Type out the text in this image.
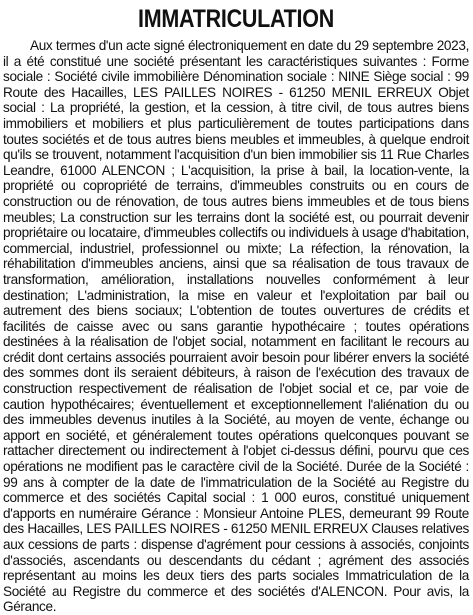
IMMATRICULATION

Aux termes d'un acte signé électroniquement en date du 29 septembre 2023, il a été constitué une société présentant les caractéristiques suivantes : Forme sociale : Société civile immobilière Dénomination sociale : NINE Siège social : 99 Route des Hacailles, LES PAILLES NOIRES - 61250 MENIL ERREUX Objet social : La propriété, la gestion, et la cession, à titre civil, de tous autres biens immobiliers et mobiliers et plus particulièrement de toutes participations dans toutes sociétés et de tous autres biens meubles et immeubles, à quelque endroit qu'ils se trouvent, notamment l'acquisition d'un bien immobilier sis 11 Rue Charles Leandre, 61000 ALENCON ; L'acquisition, la prise à bail, la location-vente, la propriété ou copropriété de terrains, d'immeubles construits ou en cours de construction ou de rénovation, de tous autres biens immeubles et de tous biens meubles; La construction sur les terrains dont la société est, ou pourrait devenir propriétaire ou locataire, d'immeubles collectifs ou individuels à usage d'habitation, commercial, industriel, professionnel ou mixte; La réfection, la rénovation, la réhabilitation d'immeubles anciens, ainsi que sa réalisation de tous travaux de transformation, amélioration, installations nouvelles conformément à leur destination; L'administration, la mise en valeur et l'exploitation par bail ou autrement des biens sociaux; L'obtention de toutes ouvertures de crédits et facilités de caisse avec ou sans garantie hypothécaire ; toutes opérations destinées à la réalisation de l'objet social, notamment en facilitant le recours au crédit dont certains associés pourraient avoir besoin pour libérer envers la société des sommes dont ils seraient débiteurs, à raison de l'exécution des travaux de construction respectivement de réalisation de l'objet social et ce, par voie de caution hypothécaires; éventuellement et exceptionnellement l'aliénation du ou des immeubles devenus inutiles à la Société, au moyen de vente, échange ou apport en société, et généralement toutes opérations quelconques pouvant se rattacher directement ou indirectement à l'objet ci-dessus défini, pourvu que ces opérations ne modifient pas le caractère civil de la Société. Durée de la Société : 99 ans à compter de la date de l'immatriculation de la Société au Registre du commerce et des sociétés Capital social : 1 000 euros, constitué uniquement d'apports en numéraire Gérance : Monsieur Antoine PLES, demeurant 99 Route des Hacailles, LES PAILLES NOIRES - 61250 MENIL ERREUX Clauses relatives aux cessions de parts : dispense d'agrément pour cessions à associés, conjoints d'associés, ascendants ou descendants du cédant ; agrément des associés représentant au moins les deux tiers des parts sociales Immatriculation de la Société au Registre du commerce et des sociétés d'ALENCON. Pour avis, la Gérance.
